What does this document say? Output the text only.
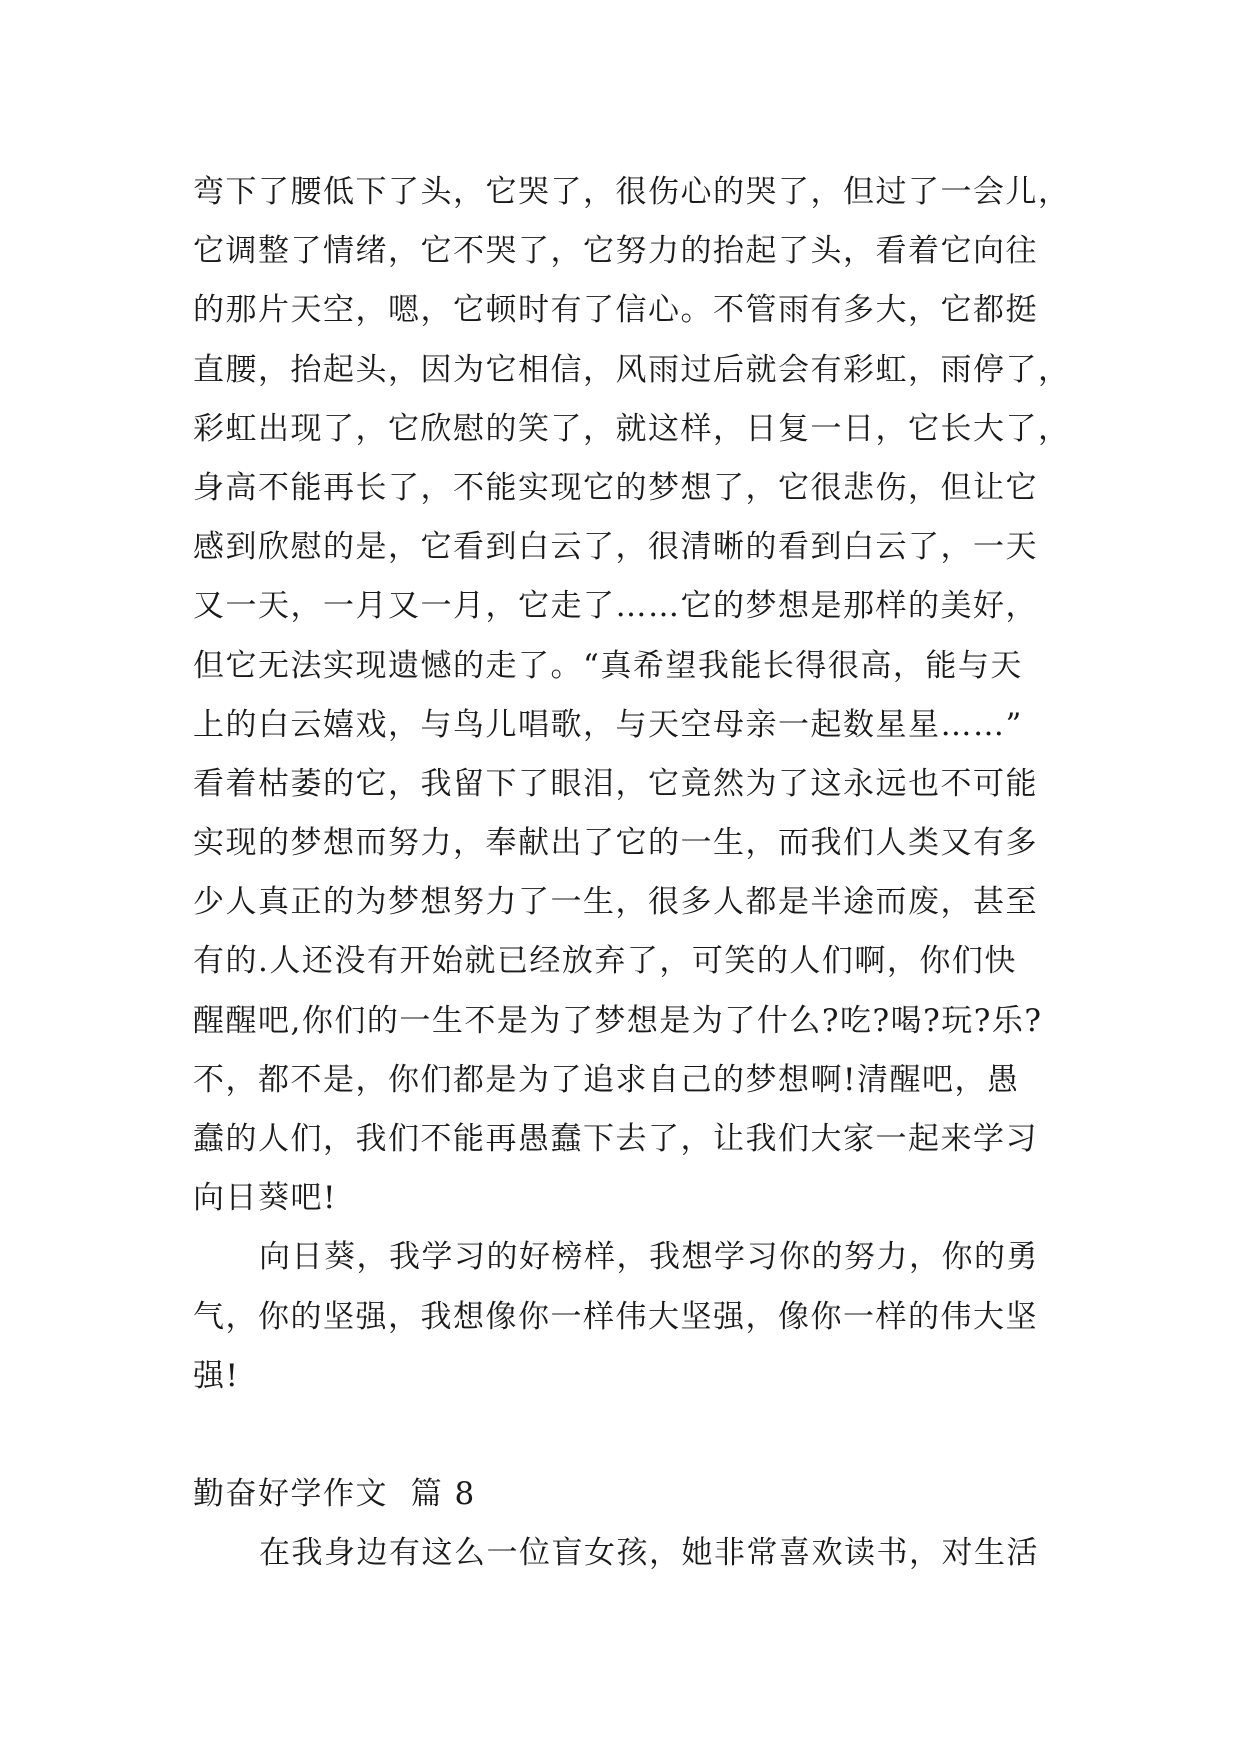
弯下了腰低下了头，它哭了，很伤心的哭了，但过了一会儿，
它调整了情绪，它不哭了，它努力的抬起了头，看着它向往
的那片天空，嗯，它顿时有了信心。不管雨有多大，它都挺
直腰，抬起头，因为它相信，风雨过后就会有彩虹，雨停了，
彩虹出现了，它欣慰的笑了，就这样，日复一日，它长大了，
身高不能再长了，不能实现它的梦想了，它很悲伤，但让它
感到欣慰的是，它看到白云了，很清晰的看到白云了，一天
又一天，一月又一月，它走了……它的梦想是那样的美好，
但它无法实现遗憾的走了。“真希望我能长得很高，能与天
上的白云嬉戏，与鸟儿唱歌，与天空母亲一起数星星……”
看着枯萎的它，我留下了眼泪，它竟然为了这永远也不可能
实现的梦想而努力，奉献出了它的一生，而我们人类又有多
少人真正的为梦想努力了一生，很多人都是半途而废，甚至
有的.人还没有开始就已经放弃了，可笑的人们啊，你们快
醒醒吧,你们的一生不是为了梦想是为了什么?吃?喝?玩?乐?
不，都不是，你们都是为了追求自己的梦想啊!清醒吧，愚
蠢的人们，我们不能再愚蠢下去了，让我们大家一起来学习
向日葵吧!
向日葵，我学习的好榜样，我想学习你的努力，你的勇
气，你的坚强，我想像你一样伟大坚强，像你一样的伟大坚
强!
勤奋好学作文  篇 8
在我身边有这么一位盲女孩，她非常喜欢读书，对生活
